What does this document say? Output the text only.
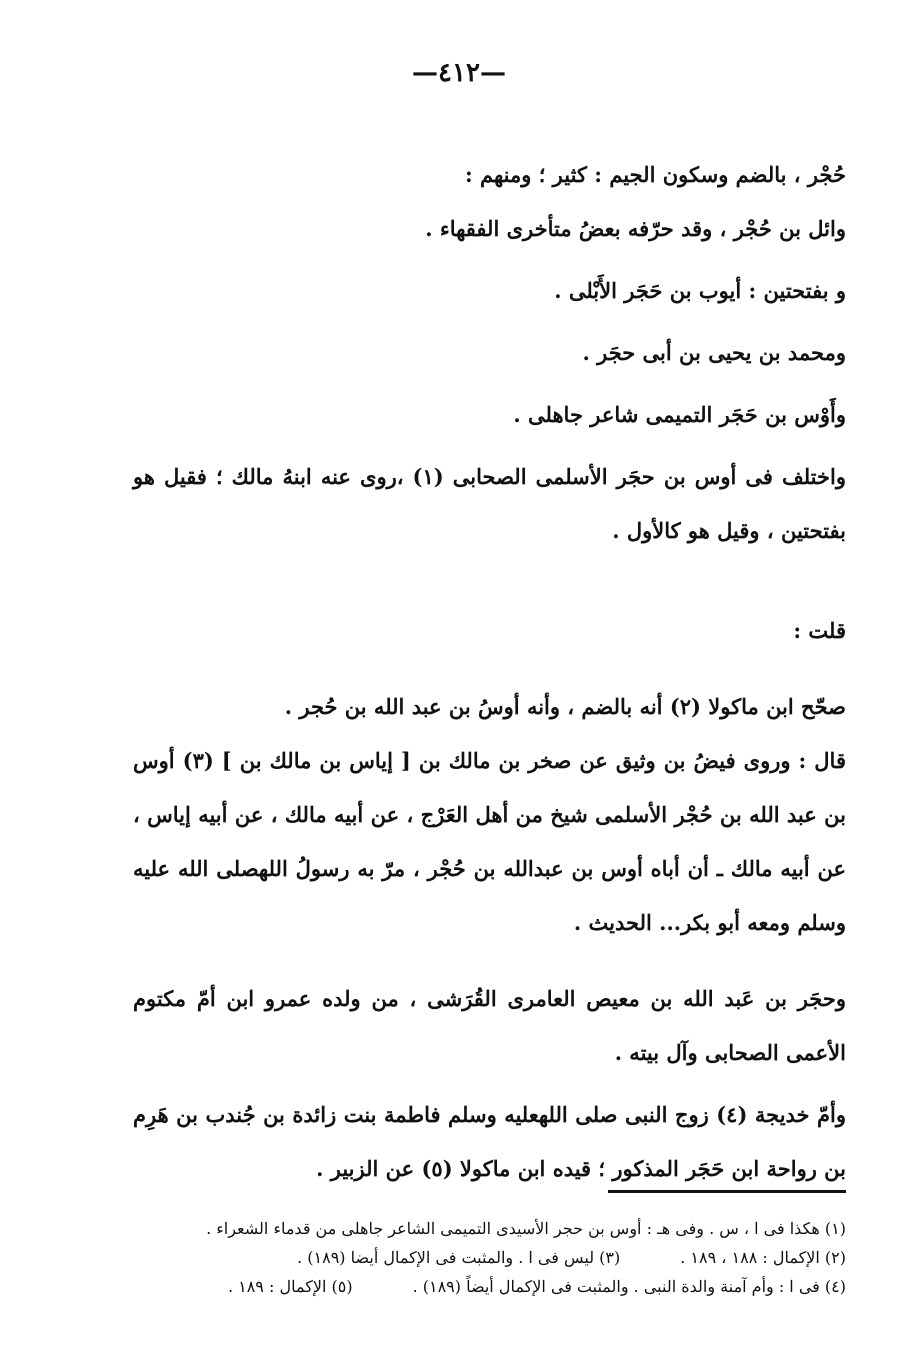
—٤١٢—

حُجْر ، بالضم وسكون الجيم : كثير ؛ ومنهم :

وائل بن حُجْر ، وقد حرّفه بعضُ متأخرى الفقهاء .

و بفتحتين : أيوب بن حَجَر الأَبْلى .

ومحمد بن يحيى بن أبى حجَر .

وأَوْس بن حَجَر التميمى شاعر جاهلى .

واختلف فى أوس بن حجَر الأسلمى الصحابى (١) ،روى عنه ابنهُ مالك ؛ فقيل هو بفتحتين ، وقيل هو كالأول .

قلت :

صحّح ابن ماكولا (٢) أنه بالضم ، وأنه أوسُ بن عبد الله بن حُجر .

قال : وروى فيضُ بن وثيق عن صخر بن مالك بن [ إياس بن مالك بن ] (٣) أوس بن عبد الله بن حُجْر الأسلمى شيخ من أهل العَرْج ، عن أبيه مالك ، عن أبيه إياس ، عن أبيه مالك ـ أن أباه أوس بن عبدالله بن حُجْر ، مرّ به رسولُ اللهصلى الله عليه وسلم ومعه أبو بكر... الحديث .

وحجَر بن عَبد الله بن معيص العامرى القُرَشى ، من ولده عمرو ابن أمّ مكتوم الأعمى الصحابى وآل بيته .

وأمّ خديجة (٤) زوج النبى صلى اللهعليه وسلم فاطمة بنت زائدة بن جُندب بن هَرِم بن رواحة ابن حَجَر المذكور ؛ قيده ابن ماكولا (٥) عن الزبير .

(١) هكذا فى ا ، س . وفى هـ : أوس بن حجر الأسيدى التميمى الشاعر جاهلى من قدماء الشعراء .

(٢) الإكمال : ١٨٨ ، ١٨٩ .(٣) ليس فى ا . والمثبت فى الإكمال أيضا (١٨٩) .

(٤) فى ا : وأم آمنة والدة النبى . والمثبت فى الإكمال أيضاً (١٨٩) .(٥) الإكمال : ١٨٩ .
